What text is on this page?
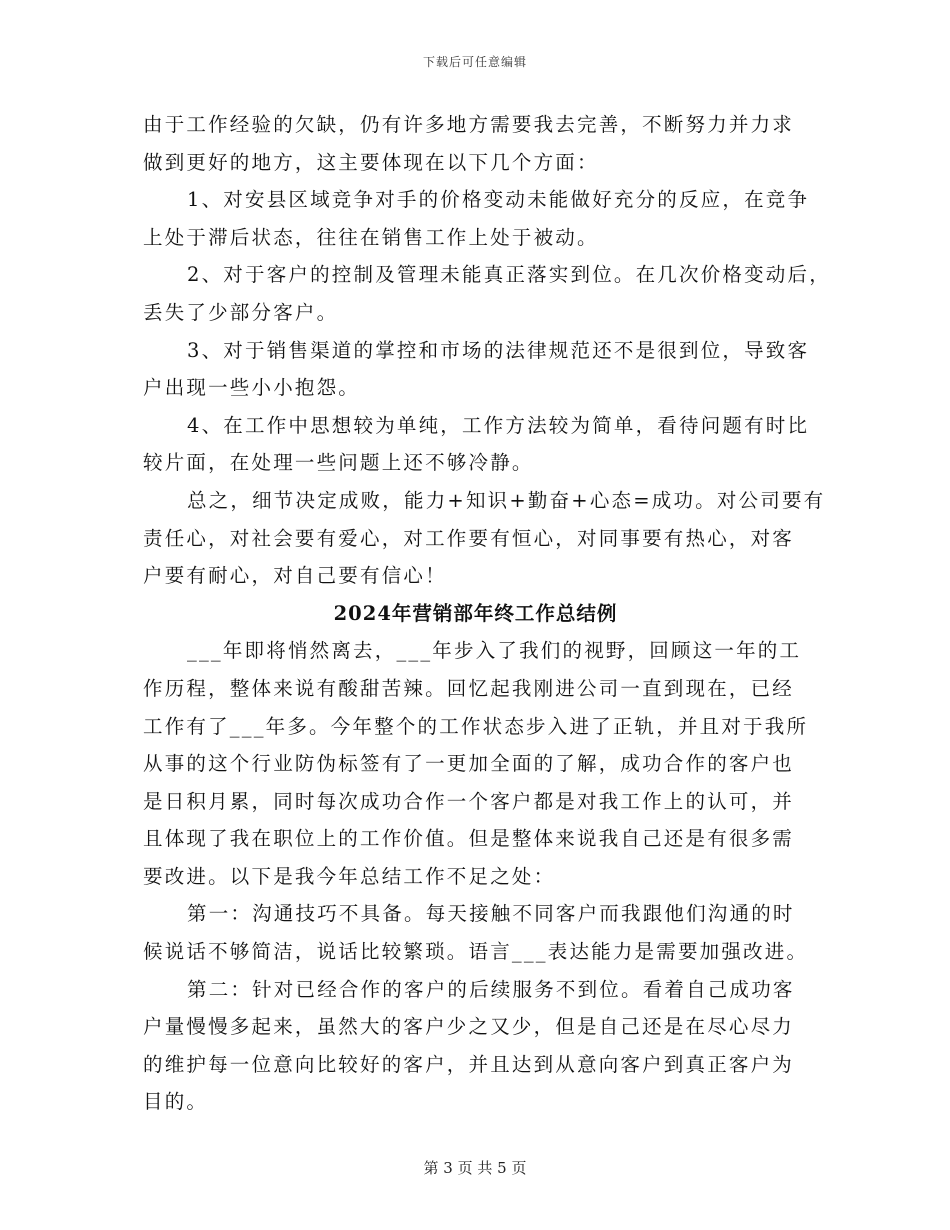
下载后可任意编辑
由于工作经验的欠缺，仍有许多地方需要我去完善，不断努力并力求
做到更好的地方，这主要体现在以下几个方面：
1、对安县区域竞争对手的价格变动未能做好充分的反应，在竞争
上处于滞后状态，往往在销售工作上处于被动。
2、对于客户的控制及管理未能真正落实到位。在几次价格变动后，
丢失了少部分客户。
3、对于销售渠道的掌控和市场的法律规范还不是很到位，导致客
户出现一些小小抱怨。
4、在工作中思想较为单纯，工作方法较为简单，看待问题有时比
较片面，在处理一些问题上还不够冷静。
总之，细节决定成败，能力+知识+勤奋+心态=成功。对公司要有
责任心，对社会要有爱心，对工作要有恒心，对同事要有热心，对客
户要有耐心，对自己要有信心！
2024年营销部年终工作总结例
___年即将悄然离去，___年步入了我们的视野，回顾这一年的工
作历程，整体来说有酸甜苦辣。回忆起我刚进公司一直到现在，已经
工作有了___年多。今年整个的工作状态步入进了正轨，并且对于我所
从事的这个行业防伪标签有了一更加全面的了解，成功合作的客户也
是日积月累，同时每次成功合作一个客户都是对我工作上的认可，并
且体现了我在职位上的工作价值。但是整体来说我自己还是有很多需
要改进。以下是我今年总结工作不足之处：
第一：沟通技巧不具备。每天接触不同客户而我跟他们沟通的时
候说话不够简洁，说话比较繁琐。语言___表达能力是需要加强改进。
第二：针对已经合作的客户的后续服务不到位。看着自己成功客
户量慢慢多起来，虽然大的客户少之又少，但是自己还是在尽心尽力
的维护每一位意向比较好的客户，并且达到从意向客户到真正客户为
目的。
第 3 页 共 5 页
